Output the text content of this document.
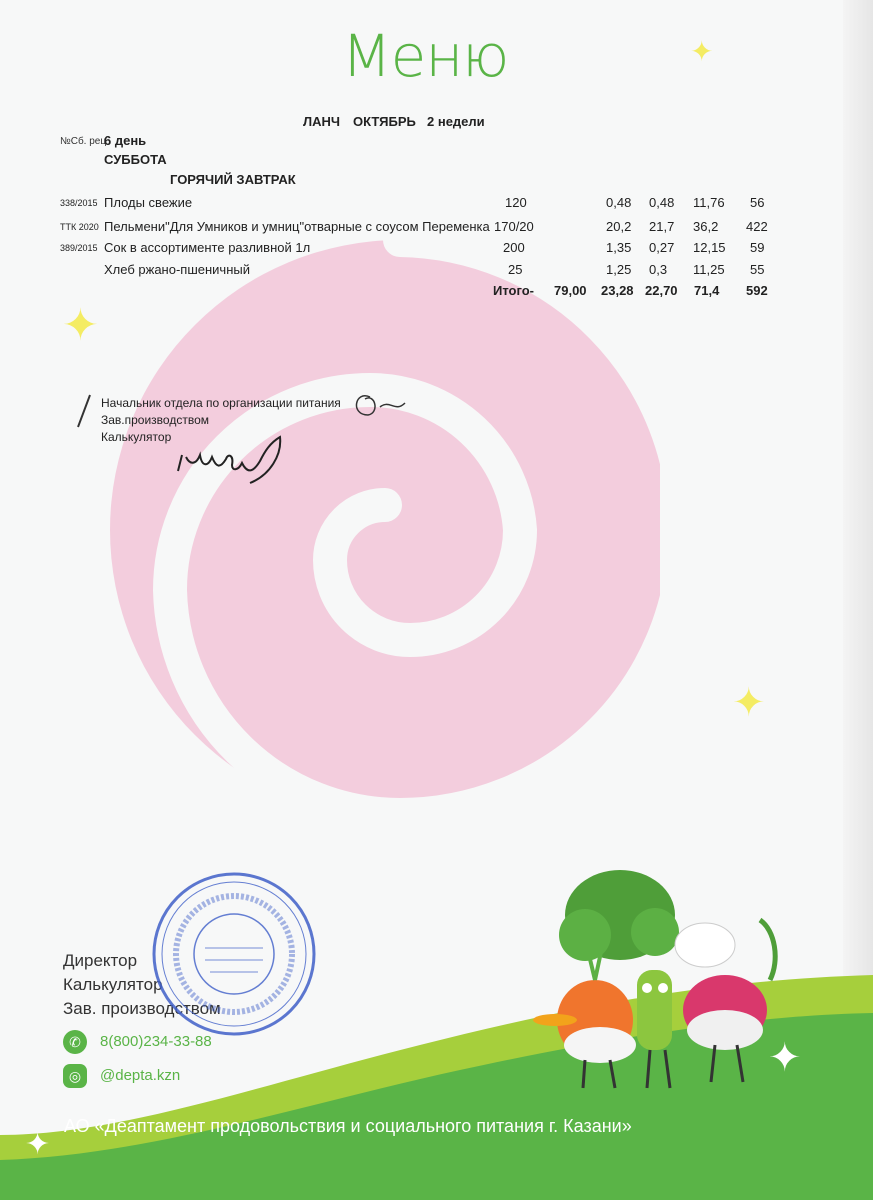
✦
✦
✦
Меню
ЛАНЧ ОКТЯБРЬ 2 недели
№Сб. рец
6 день
СУББОТА
ГОРЯЧИЙ ЗАВТРАК
338/2015 Плоды свежие	120	0,48 0,48 11,76 56
ТТК 2020 Пельмени"Для Умников и умниц"отварные с соусом Переменка 170/20	20,2 21,7 36,2 422
389/2015 Сок в ассортименте разливной 1л	200	1,35 0,27 12,15 59
Хлеб ржано-пшеничный	25	1,25 0,3 11,25 55
Итого- 79,00 23,28 22,70 71,4 592
Начальник отдела по организации питания
Зав.производством
Калькулятор
✦
✦
Директор
Калькулятор
Зав. производством
✆	8(800)234-33-88
◎	@depta.kzn
АО «Деаптамент продовольствия и социального питания г. Казани»
